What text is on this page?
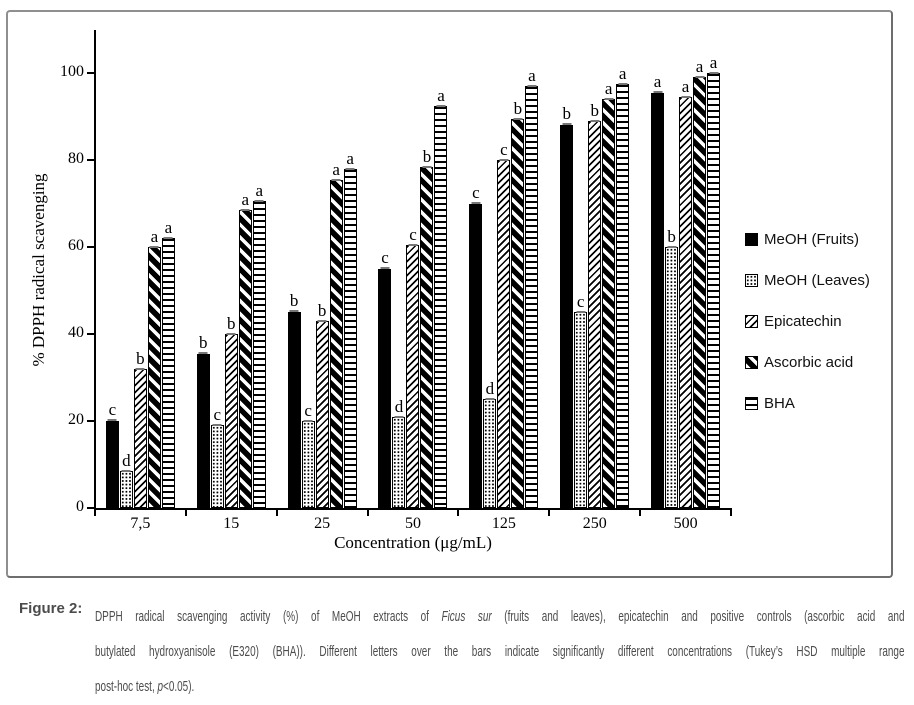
% DPPH radical scavenging
Concentration (μg/mL)
c
d
b
a a
b
c
b
a a
b
c
b
a
a
c
d
c
b
a
c
d
c
b
a
b
c
b
a
a a
b
a
a a
MeOH (Fruits)
MeOH (Leaves)
Epicatechin
Ascorbic acid
BHA
Figure 2: DPPH radical scavenging activity (%) of MeOH extracts of Ficus sur (fruits and leaves), epicatechin and positive controls (ascorbic acid and
butylated hydroxyanisole (E320) (BHA)). Different letters over the bars indicate significantly different concentrations (Tukey’s HSD multiple range
post-hoc test, p<0.05).
0
20
40
60
80
100
7,5	15	25	50	125	250	500
